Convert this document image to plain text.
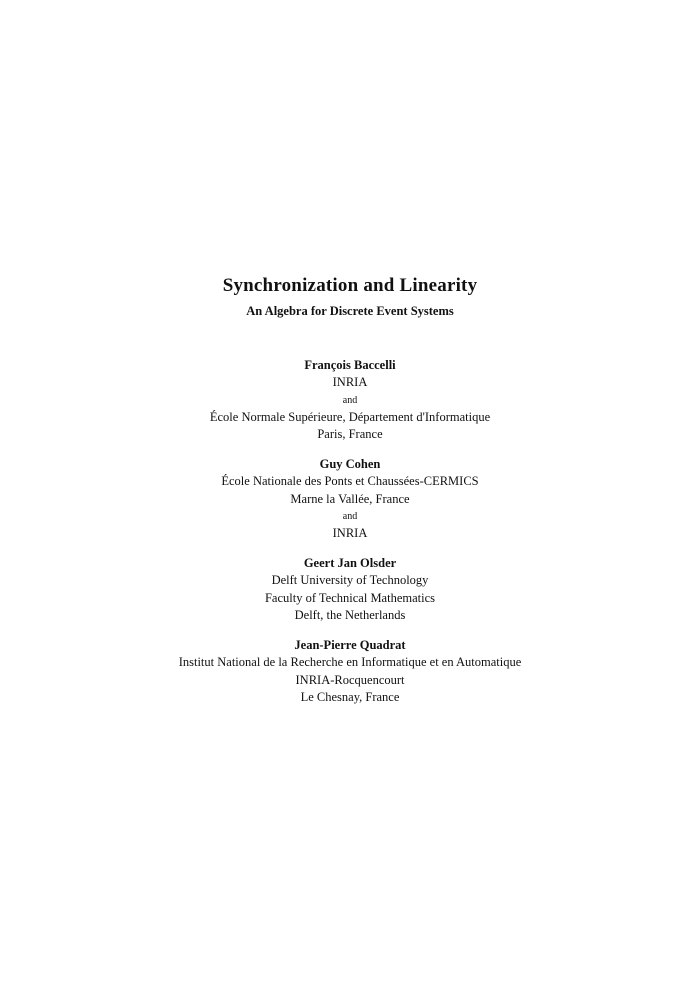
Synchronization and Linearity
An Algebra for Discrete Event Systems
François Baccelli
INRIA
and
École Normale Supérieure, Département d'Informatique
Paris, France
Guy Cohen
École Nationale des Ponts et Chaussées-CERMICS
Marne la Vallée, France
and
INRIA
Geert Jan Olsder
Delft University of Technology
Faculty of Technical Mathematics
Delft, the Netherlands
Jean-Pierre Quadrat
Institut National de la Recherche en Informatique et en Automatique
INRIA-Rocquencourt
Le Chesnay, France
